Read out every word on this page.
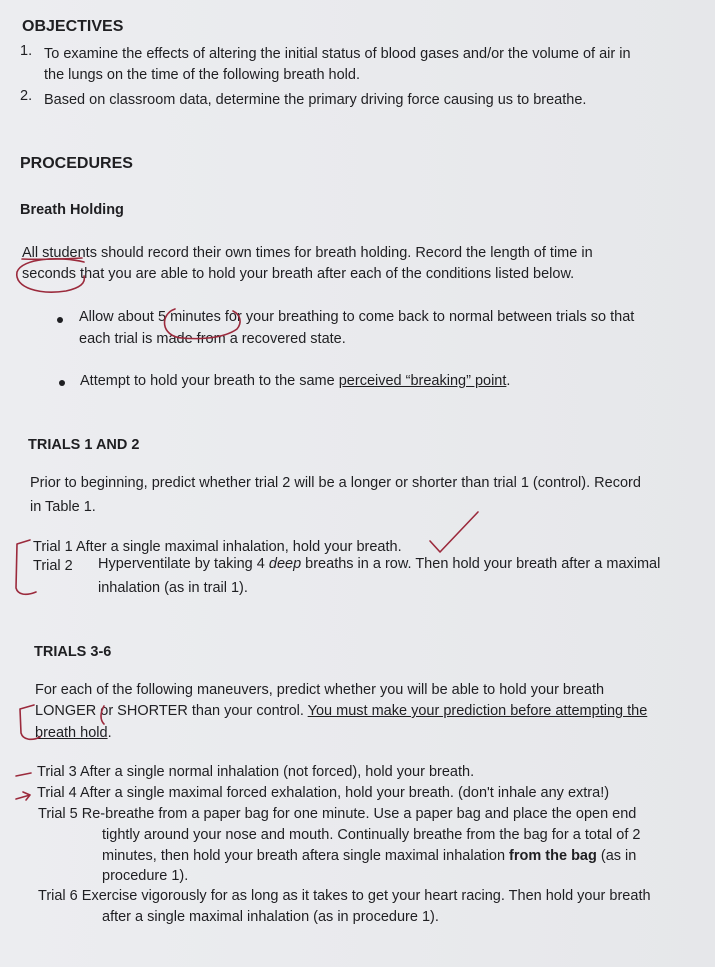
OBJECTIVES
1. To examine the effects of altering the initial status of blood gases and/or the volume of air in
the lungs on the time of the following breath hold.
2. Based on classroom data, determine the primary driving force causing us to breathe.
PROCEDURES
Breath Holding
All students should record their own times for breath holding. Record the length of time in
seconds that you are able to hold your breath after each of the conditions listed below.
Allow about 5 minutes for your breathing to come back to normal between trials so that
each trial is made from a recovered state.
Attempt to hold your breath to the same perceived “breaking” point.
TRIALS 1 AND 2
Prior to beginning, predict whether trial 2 will be a longer or shorter than trial 1 (control). Record
in Table 1.
Trial 1 After a single maximal inhalation, hold your breath.
Trial 2 Hyperventilate by taking 4 deep breaths in a row. Then hold your breath after a maximal
inhalation (as in trail 1).
TRIALS 3-6
For each of the following maneuvers, predict whether you will be able to hold your breath
LONGER or SHORTER than your control. You must make your prediction before attempting the
breath hold.
Trial 3 After a single normal inhalation (not forced), hold your breath.
Trial 4 After a single maximal forced exhalation, hold your breath. (don't inhale any extra!)
Trial 5 Re-breathe from a paper bag for one minute. Use a paper bag and place the open end
tightly around your nose and mouth. Continually breathe from the bag for a total of 2
minutes, then hold your breath aftera single maximal inhalation from the bag (as in
procedure 1).
Trial 6 Exercise vigorously for as long as it takes to get your heart racing. Then hold your breath
after a single maximal inhalation (as in procedure 1).
